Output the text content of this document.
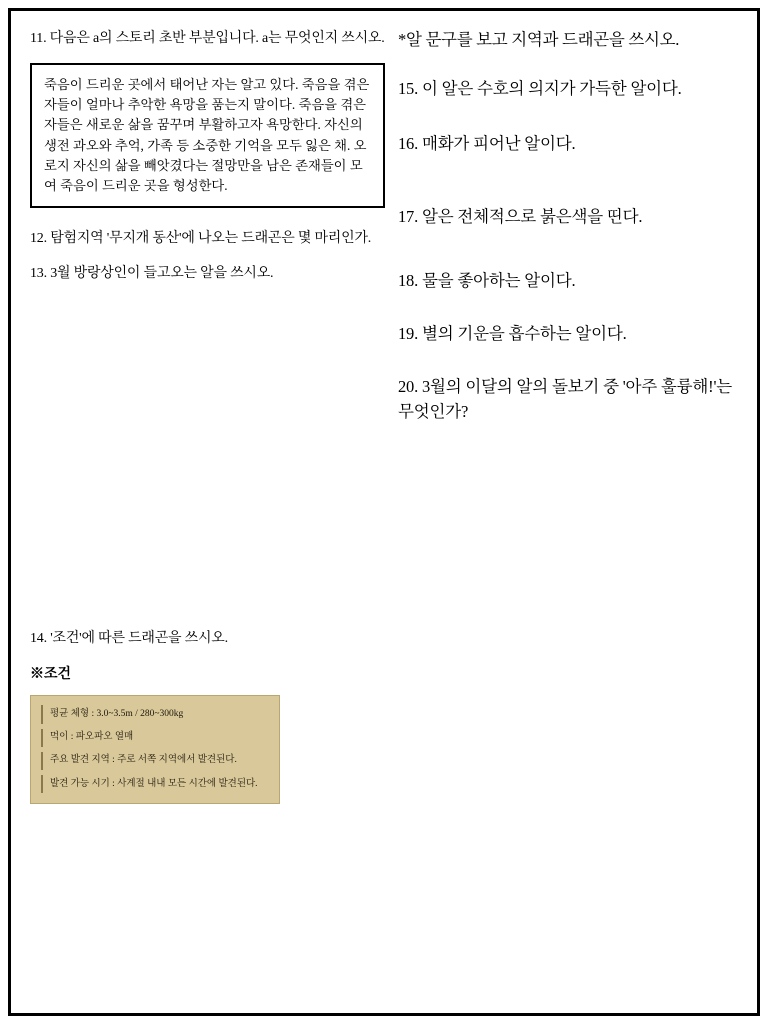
11. 다음은 a의 스토리 초반 부분입니다. a는 무엇인지 쓰시오.

죽음이 드리운 곳에서 태어난 자는 알고 있다. 죽음을 겪은 자들이 얼마나 추악한 욕망을 품는지 말이다. 죽음을 겪은 자들은 새로운 삶을 꿈꾸며 부활하고자 욕망한다. 자신의 생전 과오와 추억, 가족 등 소중한 기억을 모두 잃은 채. 오로지 자신의 삶을 빼앗겼다는 절망만을 남은 존재들이 모여 죽음이 드리운 곳을 형성한다.

12. 탐험지역 '무지개 동산'에 나오는 드래곤은 몇 마리인가.

13. 3월 방랑상인이 들고오는 알을 쓰시오.

14. '조건'에 따른 드래곤을 쓰시오.

※조건

평균 체형 : 3.0~3.5m / 280~300kg
먹이 : 파오파오 열매
주요 발견 지역 : 주로 서쪽 지역에서 발견된다.
발견 가능 시기 : 사계절 내내 모든 시간에 발견된다.

*알 문구를 보고 지역과 드래곤을 쓰시오.

15. 이 알은 수호의 의지가 가득한 알이다.

16. 매화가 피어난 알이다.

17. 알은 전체적으로 붉은색을 띤다.

18. 물을 좋아하는 알이다.

19. 별의 기운을 흡수하는 알이다.

20. 3월의 이달의 알의 돌보기 중 '아주 훌륭해!'는 무엇인가?
